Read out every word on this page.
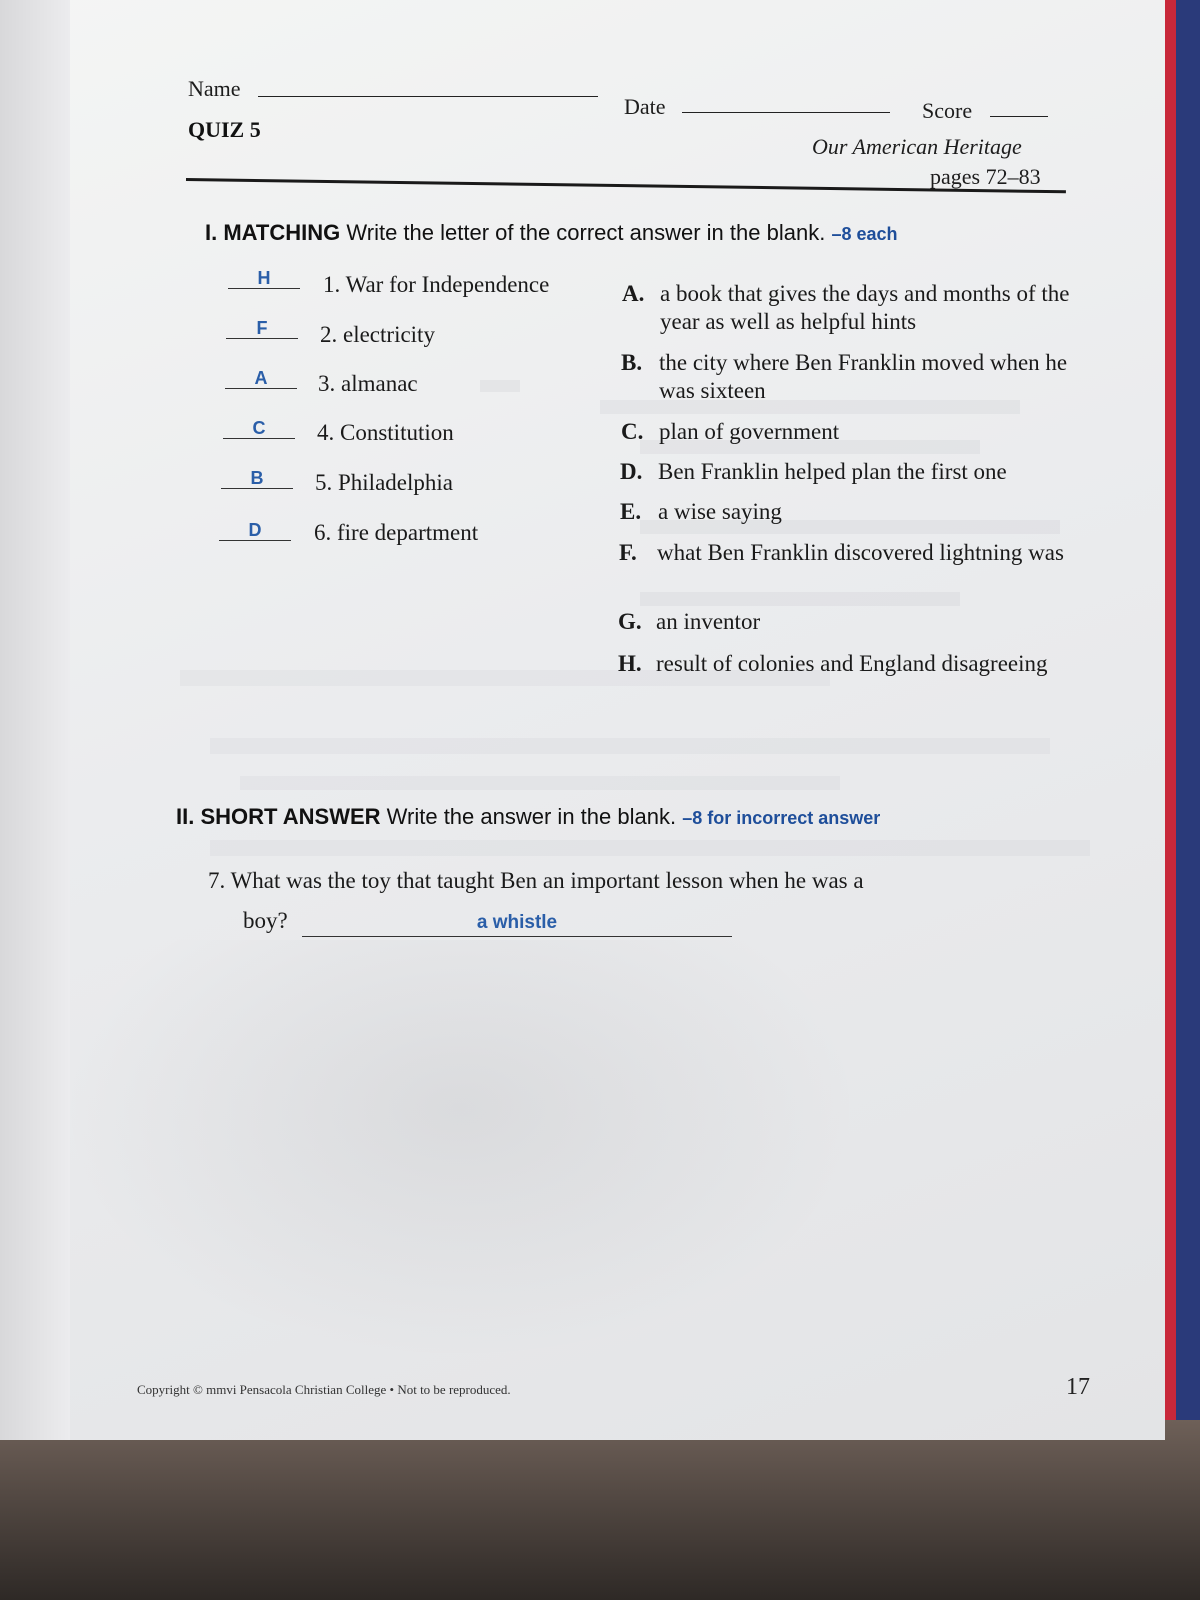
Name
Date	Score
QUIZ 5
Our American Heritage
pages 72–83
I. MATCHING Write the letter of the correct answer in the blank. –8 each
H	1. War for Independence
F	2. electricity
A	3. almanac
C	4. Constitution
B	5. Philadelphia
D	6. fire department
A. a book that gives the days and months of the year as well as helpful hints
B. the city where Ben Franklin moved when he was sixteen
C. plan of government
D. Ben Franklin helped plan the first one
E. a wise saying
F. what Ben Franklin discovered lightning was
G. an inventor
H. result of colonies and England disagreeing
II. SHORT ANSWER Write the answer in the blank. –8 for incorrect answer
7. What was the toy that taught Ben an important lesson when he was a
boy?	a whistle
Copyright © mmvi Pensacola Christian College • Not to be reproduced.	17
